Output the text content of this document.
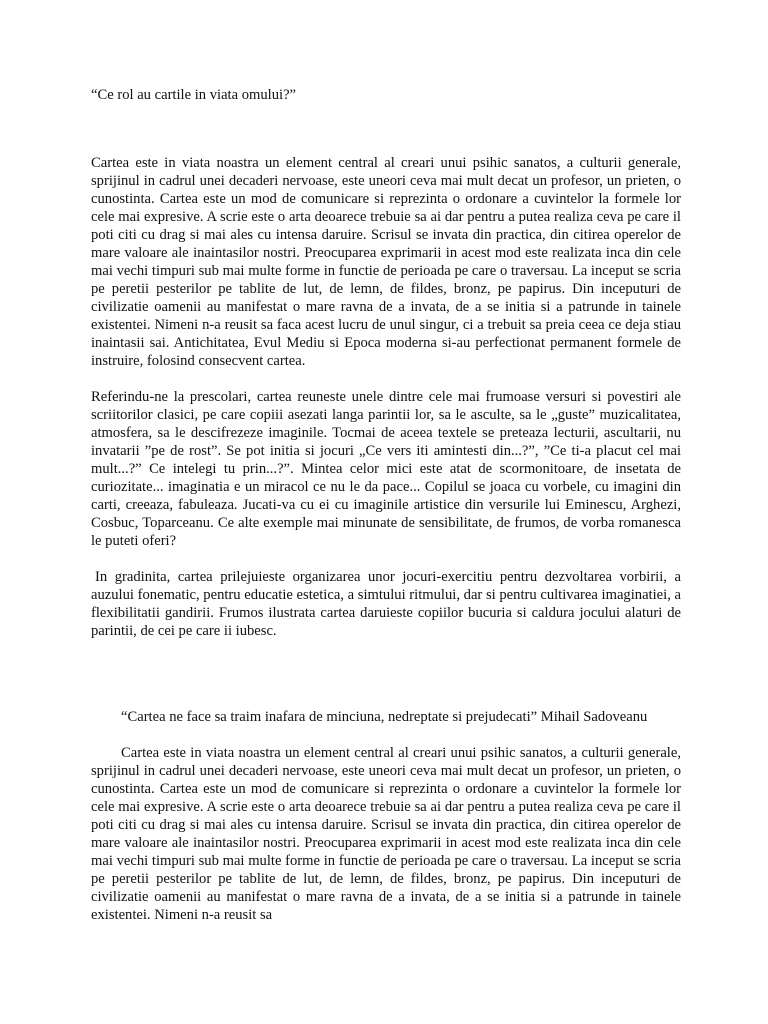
“Ce rol au cartile in viata omului?”

Cartea este in viata noastra un element central al creari unui psihic sanatos, a culturii generale, sprijinul in cadrul unei decaderi nervoase, este uneori ceva mai mult decat un profesor, un prieten, o cunostinta. Cartea este un mod de comunicare si reprezinta o ordonare a cuvintelor la formele lor cele mai expresive. A scrie este o arta deoarece trebuie sa ai dar pentru a putea realiza ceva pe care il poti citi cu drag si mai ales cu intensa daruire. Scrisul se invata din practica, din citirea operelor de mare valoare ale inaintasilor nostri. Preocuparea exprimarii in acest mod este realizata inca din cele mai vechi timpuri sub mai multe forme in functie de perioada pe care o traversau. La inceput se scria pe peretii pesterilor pe tablite de lut, de lemn, de fildes, bronz, pe papirus. Din inceputuri de civilizatie oamenii au manifestat o mare ravna de a invata, de a se initia si a patrunde in tainele existentei. Nimeni n-a reusit sa faca acest lucru de unul singur, ci a trebuit sa preia ceea ce deja stiau inaintasii sai. Antichitatea, Evul Mediu si Epoca moderna si-au perfectionat permanent formele de instruire, folosind consecvent cartea.

Referindu-ne la prescolari, cartea reuneste unele dintre cele mai frumoase versuri si povestiri ale scriitorilor clasici, pe care copiii asezati langa parintii lor, sa le asculte, sa le „guste” muzicalitatea, atmosfera, sa le descifrezeze imaginile. Tocmai de aceea textele se preteaza lecturii, ascultarii, nu invatarii ”pe de rost”. Se pot initia si jocuri „Ce vers iti amintesti din...?”, ”Ce ti-a placut cel mai mult...?” Ce intelegi tu prin...?”. Mintea celor mici este atat de scormonitoare, de insetata de curiozitate... imaginatia e un miracol ce nu le da pace... Copilul se joaca cu vorbele, cu imagini din carti, creeaza, fabuleaza. Jucati-va cu ei cu imaginile artistice din versurile lui Eminescu, Arghezi, Cosbuc, Toparceanu. Ce alte exemple mai minunate de sensibilitate, de frumos, de vorba romanesca le puteti oferi?

In gradinita, cartea prilejuieste organizarea unor jocuri-exercitiu pentru dezvoltarea vorbirii, a auzului fonematic, pentru educatie estetica, a simtului ritmului, dar si pentru cultivarea imaginatiei, a flexibilitatii gandirii. Frumos ilustrata cartea daruieste copiilor bucuria si caldura jocului alaturi de parintii, de cei pe care ii iubesc.

“Cartea ne face sa traim inafara de minciuna, nedreptate si prejudecati” Mihail Sadoveanu

Cartea este in viata noastra un element central al creari unui psihic sanatos, a culturii generale, sprijinul in cadrul unei decaderi nervoase, este uneori ceva mai mult decat un profesor, un prieten, o cunostinta. Cartea este un mod de comunicare si reprezinta o ordonare a cuvintelor la formele lor cele mai expresive. A scrie este o arta deoarece trebuie sa ai dar pentru a putea realiza ceva pe care il poti citi cu drag si mai ales cu intensa daruire. Scrisul se invata din practica, din citirea operelor de mare valoare ale inaintasilor nostri. Preocuparea exprimarii in acest mod este realizata inca din cele mai vechi timpuri sub mai multe forme in functie de perioada pe care o traversau. La inceput se scria pe peretii pesterilor pe tablite de lut, de lemn, de fildes, bronz, pe papirus. Din inceputuri de civilizatie oamenii au manifestat o mare ravna de a invata, de a se initia si a patrunde in tainele existentei. Nimeni n-a reusit sa
